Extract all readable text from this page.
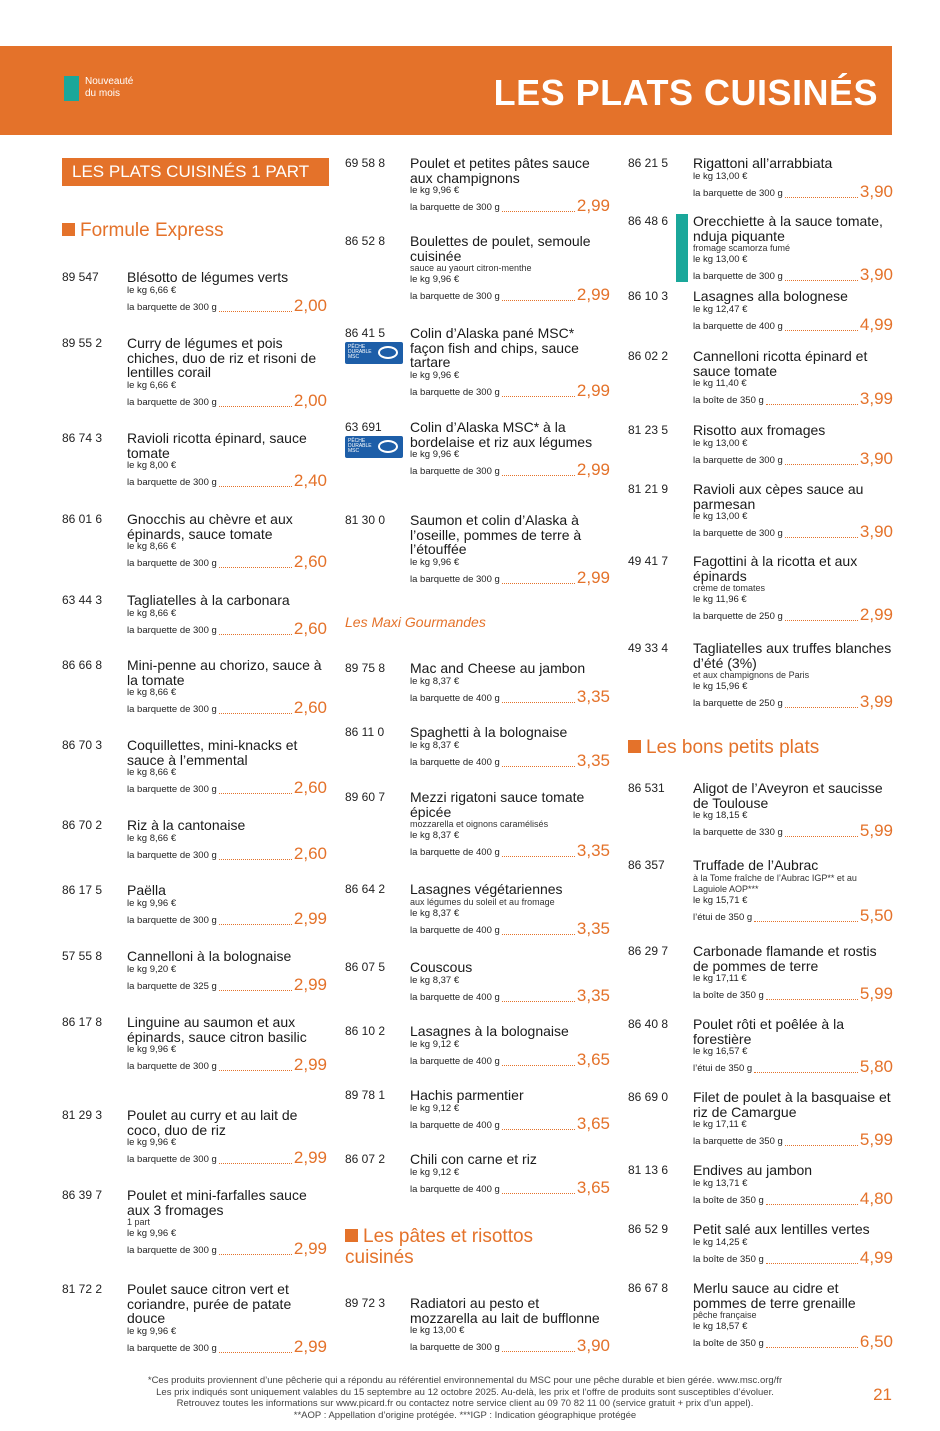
Nouveauté
du mois	LES PLATS CUISINÉS
LES PLATS CUISINÉS 1 PART
Formule Express
Les Maxi Gourmandes
Les pâtes et risottos cuisinés
Les bons petits plats
89 547 Blésotto de légumes verts
le kg 6,66 €
la barquette de 300 g	2,00
89 55 2 Curry de légumes et pois chiches, duo de riz et risoni de lentilles corail
le kg 6,66 €
la barquette de 300 g	2,00
86 74 3 Ravioli ricotta épinard, sauce tomate
le kg 8,00 €
la barquette de 300 g	2,40
86 01 6 Gnocchis au chèvre et aux épinards, sauce tomate
le kg 8,66 €
la barquette de 300 g	2,60
63 44 3 Tagliatelles à la carbonara
le kg 8,66 €
la barquette de 300 g	2,60
86 66 8 Mini-penne au chorizo, sauce à la tomate
le kg 8,66 €
la barquette de 300 g	2,60
86 70 3 Coquillettes, mini-knacks et sauce à l’emmental
le kg 8,66 €
la barquette de 300 g	2,60
86 70 2 Riz à la cantonaise
le kg 8,66 €
la barquette de 300 g	2,60
86 17 5 Paëlla
le kg 9,96 €
la barquette de 300 g	2,99
57 55 8 Cannelloni à la bolognaise
le kg 9,20 €
la barquette de 325 g	2,99
86 17 8 Linguine au saumon et aux épinards, sauce citron basilic
le kg 9,96 €
la barquette de 300 g	2,99
81 29 3 Poulet au curry et au lait de coco, duo de riz
le kg 9,96 €
la barquette de 300 g	2,99
86 39 7 Poulet et mini-farfalles sauce aux 3 fromages
1 part
le kg 9,96 €
la barquette de 300 g	2,99
81 72 2 Poulet sauce citron vert et coriandre, purée de patate douce
le kg 9,96 €
la barquette de 300 g	2,99
69 58 8 Poulet et petites pâtes sauce aux champignons
le kg 9,96 €
la barquette de 300 g	2,99
86 52 8 Boulettes de poulet, semoule cuisinée
sauce au yaourt citron-menthe
le kg 9,96 €
la barquette de 300 g	2,99
86 41 5
PÊCHE DURABLE MSC
Colin d’Alaska pané MSC* façon fish and chips, sauce tartare
le kg 9,96 €
la barquette de 300 g	2,99
63 691
PÊCHE DURABLE MSC
Colin d’Alaska MSC* à la bordelaise et riz aux légumes
le kg 9,96 €
la barquette de 300 g	2,99
81 30 0 Saumon et colin d’Alaska à l’oseille, pommes de terre à l’étouffée
le kg 9,96 €
la barquette de 300 g	2,99
89 75 8 Mac and Cheese au jambon
le kg 8,37 €
la barquette de 400 g	3,35
86 11 0 Spaghetti à la bolognaise
le kg 8,37 €
la barquette de 400 g	3,35
89 60 7 Mezzi rigatoni sauce tomate épicée
mozzarella et oignons caramélisés
le kg 8,37 €
la barquette de 400 g	3,35
86 64 2 Lasagnes végétariennes
aux légumes du soleil et au fromage
le kg 8,37 €
la barquette de 400 g	3,35
86 07 5 Couscous
le kg 8,37 €
la barquette de 400 g	3,35
86 10 2 Lasagnes à la bolognaise
le kg 9,12 €
la barquette de 400 g	3,65
89 78 1 Hachis parmentier
le kg 9,12 €
la barquette de 400 g	3,65
86 07 2 Chili con carne et riz
le kg 9,12 €
la barquette de 400 g	3,65
89 72 3 Radiatori au pesto et mozzarella au lait de bufflonne
le kg 13,00 €
la barquette de 300 g	3,90
86 21 5 Rigattoni all’arrabbiata
le kg 13,00 €
la barquette de 300 g	3,90
86 48 6 Orecchiette à la sauce tomate, nduja piquante
fromage scamorza fumé
le kg 13,00 €
la barquette de 300 g	3,90
86 10 3 Lasagnes alla bolognese
le kg 12,47 €
la barquette de 400 g	4,99
86 02 2 Cannelloni ricotta épinard et sauce tomate
le kg 11,40 €
la boîte de 350 g	3,99
81 23 5 Risotto aux fromages
le kg 13,00 €
la barquette de 300 g	3,90
81 21 9 Ravioli aux cèpes sauce au parmesan
le kg 13,00 €
la barquette de 300 g	3,90
49 41 7 Fagottini à la ricotta et aux épinards
crème de tomates
le kg 11,96 €
la barquette de 250 g	2,99
49 33 4 Tagliatelles aux truffes blanches d’été (3%)
et aux champignons de Paris
le kg 15,96 €
la barquette de 250 g	3,99
86 531 Aligot de l’Aveyron et saucisse de Toulouse
le kg 18,15 €
la barquette de 330 g	5,99
86 357 Truffade de l’Aubrac
à la Tome fraîche de l’Aubrac IGP** et au Laguiole AOP***
le kg 15,71 €
l’étui de 350 g	5,50
86 29 7 Carbonade flamande et rostis de pommes de terre
le kg 17,11 €
la boîte de 350 g	5,99
86 40 8 Poulet rôti et poêlée à la forestière
le kg 16,57 €
l’étui de 350 g	5,80
86 69 0 Filet de poulet à la basquaise et riz de Camargue
le kg 17,11 €
la barquette de 350 g	5,99
81 13 6 Endives au jambon
le kg 13,71 €
la boîte de 350 g	4,80
86 52 9 Petit salé aux lentilles vertes
le kg 14,25 €
la boîte de 350 g	4,99
86 67 8 Merlu sauce au cidre et pommes de terre grenaille
pêche française
le kg 18,57 €
la boîte de 350 g	6,50
*Ces produits proviennent d’une pêcherie qui a répondu au référentiel environnemental du MSC pour une pêche durable et bien gérée. www.msc.org/fr
Les prix indiqués sont uniquement valables du 15 septembre au 12 octobre 2025. Au-delà, les prix et l’offre de produits sont susceptibles d’évoluer.
Retrouvez toutes les informations sur www.picard.fr ou contactez notre service client au 09 70 82 11 00 (service gratuit + prix d’un appel).
**AOP : Appellation d’origine protégée. ***IGP : Indication géographique protégée
21
